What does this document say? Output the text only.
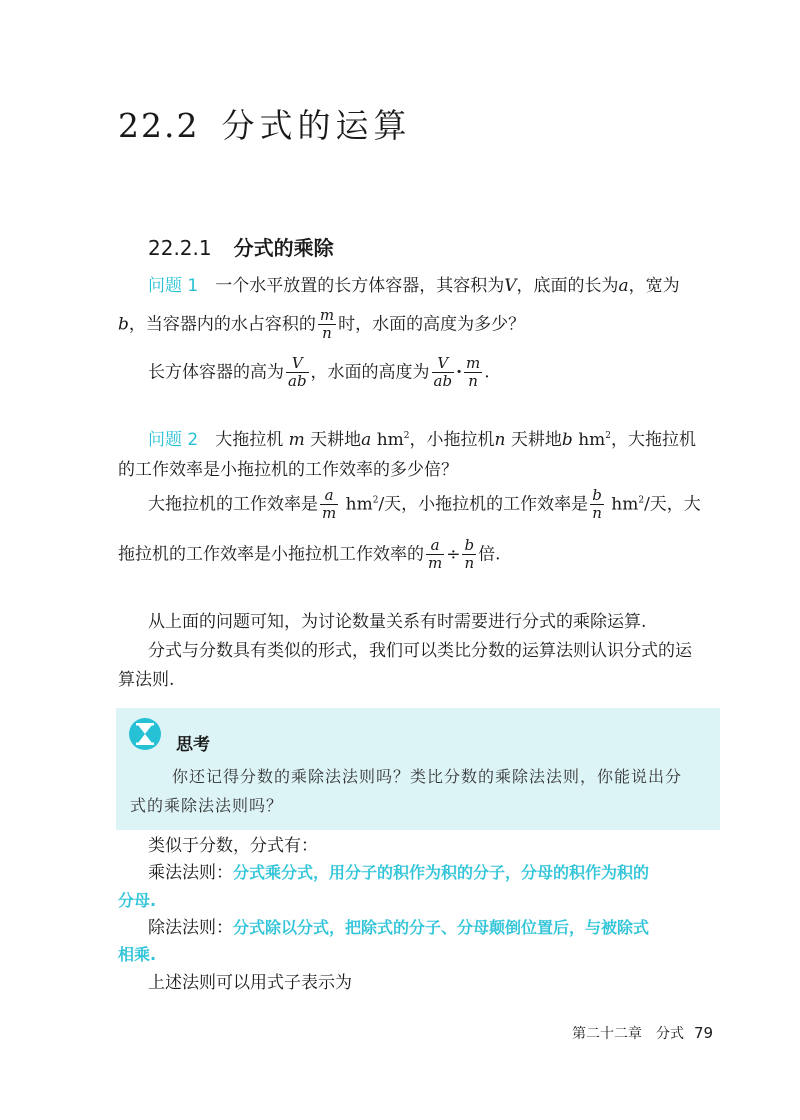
22.2 分式的运算
22.2.1 分式的乘除
问题 1　 一个水平放置的长方体容器，其容积为V，底面的长为a，宽为
b，当容器内的水占容积的 $\frac{m}{n}$ 时，水面的高度为多少？
长方体容器的高为 $\frac{V}{ab}$ ，水面的高度为 $\frac{V}{ab} \cdot \frac{m}{n}$ .
问题 2　 大拖拉机 m 天耕地a $hm^2$，小拖拉机n 天耕地b $hm^2$，大拖拉机
的工作效率是小拖拉机的工作效率的多少倍？
大拖拉机的工作效率是 $\frac{a}{m} hm^2/$天，小拖拉机的工作效率是 $\frac{b}{n} hm^2/$天，大
拖拉机的工作效率是小拖拉机工作效率的 $\frac{a}{m} \div \frac{b}{n}$ 倍.
从上面的问题可知，为讨论数量关系有时需要进行分式的乘除运算.
分式与分数具有类似的形式，我们可以类比分数的运算法则认识分式的运
算法则.
思考
你还记得分数的乘除法法则吗？类比分数的乘除法法则，你能说出分
式的乘除法法则吗？
类似于分数，分式有：
乘法法则：分式乘分式，用分子的积作为积的分子，分母的积作为积的
分母.
除法法则：分式除以分式，把除式的分子、分母颠倒位置后，与被除式
相乘.
上述法则可以用式子表示为
第二十二章　分式 79
